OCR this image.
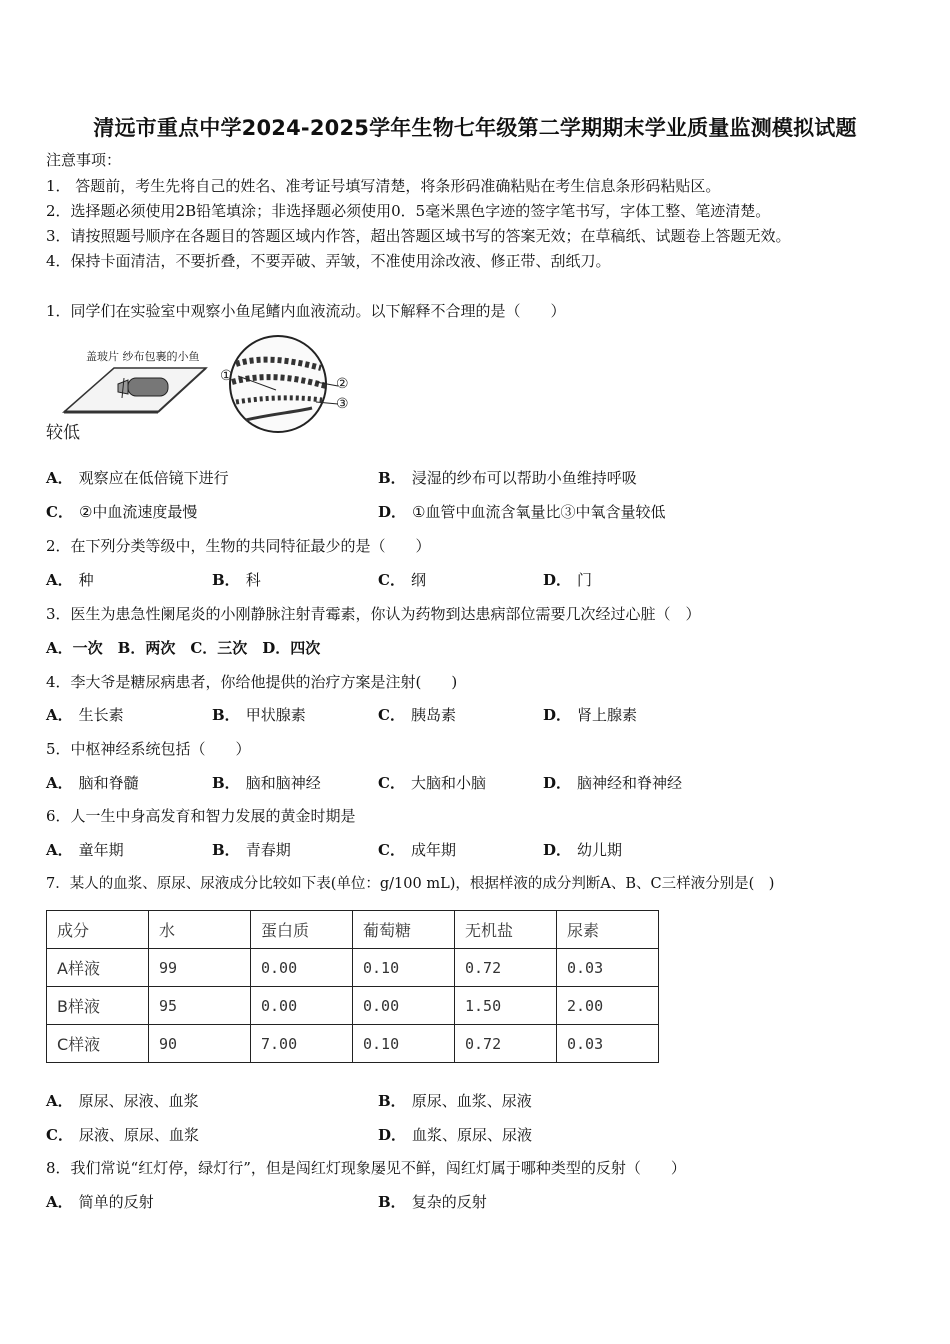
清远市重点中学2024-2025学年生物七年级第二学期期末学业质量监测模拟试题
注意事项：
1． 答题前，考生先将自己的姓名、准考证号填写清楚，将条形码准确粘贴在考生信息条形码粘贴区。
2．选择题必须使用2B铅笔填涂；非选择题必须使用0．5毫米黑色字迹的签字笔书写，字体工整、笔迹清楚。
3．请按照题号顺序在各题目的答题区域内作答，超出答题区域书写的答案无效；在草稿纸、试题卷上答题无效。
4．保持卡面清洁，不要折叠，不要弄破、弄皱，不准使用涂改液、修正带、刮纸刀。
1．同学们在实验室中观察小鱼尾鳍内血液流动。以下解释不合理的是（　　）
盖玻片 纱布包裹的小鱼
较低
①	②
③
A． 观察应在低倍镜下进行	B． 浸湿的纱布可以帮助小鱼维持呼吸
C． ②中血流速度最慢	D． ①血管中血流含氧量比③中氧含量较低
2．在下列分类等级中，生物的共同特征最少的是（　　）
A． 种	B． 科	C． 纲	D． 门
3．医生为患急性阑尾炎的小刚静脉注射青霉素，你认为药物到达患病部位需要几次经过心脏（　）
A．一次　B．两次　C．三次　D．四次
4．李大爷是糖尿病患者，你给他提供的治疗方案是注射(　　)
A． 生长素	B． 甲状腺素	C． 胰岛素	D． 肾上腺素
5．中枢神经系统包括（　　）
A． 脑和脊髓	B． 脑和脑神经	C． 大脑和小脑	D． 脑神经和脊神经
6．人一生中身高发育和智力发展的黄金时期是
A． 童年期	B． 青春期	C． 成年期	D． 幼儿期
7．某人的血浆、原尿、尿液成分比较如下表(单位：g/100 mL)，根据样液的成分判断A、B、C三样液分别是(　)
成分	水	蛋白质	葡萄糖	无机盐	尿素
A样液	99	0.00	0.10	0.72	0.03
B样液	95	0.00	0.00	1.50	2.00
C样液	90	7.00	0.10	0.72	0.03
A． 原尿、尿液、血浆	B． 原尿、血浆、尿液
C． 尿液、原尿、血浆	D． 血浆、原尿、尿液
8．我们常说“红灯停，绿灯行”，但是闯红灯现象屡见不鲜，闯红灯属于哪种类型的反射（　　）
A． 简单的反射	B． 复杂的反射
